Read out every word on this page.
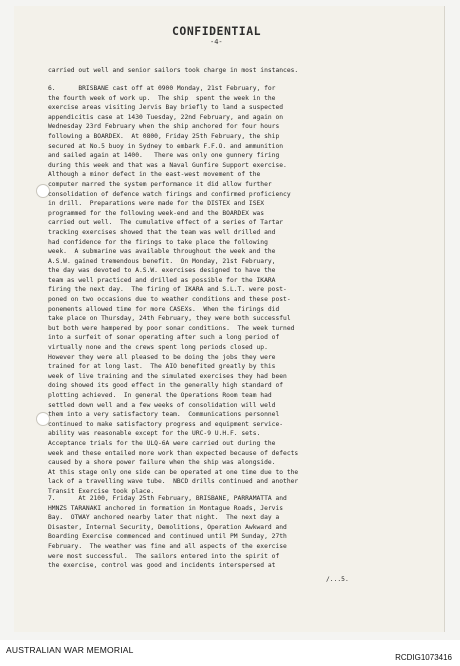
CONFIDENTIAL
-4-
carried out well and senior sailors took charge in most instances.
6.      BRISBANE cast off at 0900 Monday, 21st February, for
the fourth week of work up.  The ship  spent the week in the
exercise areas visiting Jervis Bay briefly to land a suspected
appendicitis case at 1430 Tuesday, 22nd February, and again on
Wednesday 23rd February when the ship anchored for four hours
following a BOARDEX.  At 0800, Friday 25th February, the ship
secured at No.5 buoy in Sydney to embark F.F.O. and ammunition
and sailed again at 1400.   There was only one gunnery firing
during this week and that was a Naval Gunfire Support exercise.
Although a minor defect in the east-west movement of the
computer marred the system performance it did allow further
consolidation of defence watch firings and confirmed proficiency
in drill.  Preparations were made for the DISTEX and ISEX
programmed for the following week-end and the BOARDEX was
carried out well.  The cumulative effect of a series of Tartar
tracking exercises showed that the team was well drilled and
had confidence for the firings to take place the following
week.  A submarine was available throughout the week and the
A.S.W. gained tremendous benefit.  On Monday, 21st February,
the day was devoted to A.S.W. exercises designed to have the
team as well practiced and drilled as possible for the IKARA
firing the next day.  The firing of IKARA and S.L.T. were post-
poned on two occasions due to weather conditions and these post-
ponements allowed time for more CASEXs.  When the firings did
take place on Thursday, 24th February, they were both successful
but both were hampered by poor sonar conditions.  The week turned
into a surfeit of sonar operating after such a long period of
virtually none and the crews spent long periods closed up.
However they were all pleased to be doing the jobs they were
trained for at long last.  The AIO benefited greatly by this
week of live training and the simulated exercises they had been
doing showed its good effect in the generally high standard of
plotting achieved.  In general the Operations Room team had
settled down well and a few weeks of consolidation will weld
them into a very satisfactory team.  Communications personnel
continued to make satisfactory progress and equipment service-
ability was reasonable except for the URC-9 U.H.F. sets.
Acceptance trials for the ULQ-6A were carried out during the
week and these entailed more work than expected because of defects
caused by a shore power failure when the ship was alongside.
At this stage only one side can be operated at one time due to the
lack of a travelling wave tube.  NBCD drills continued and another
Transit Exercise took place.
7.      At 2100, Friday 25th February, BRISBANE, PARRAMATTA and
HMNZS TARANAKI anchored in formation in Montague Roads, Jervis
Bay.  OTWAY anchored nearby later that night.  The next day a
Disaster, Internal Security, Demolitions, Operation Awkward and
Boarding Exercise commenced and continued until PM Sunday, 27th
February.  The weather was fine and all aspects of the exercise
were most successful.  The sailors entered into the spirit of
the exercise, control was good and incidents interspersed at
/...5.
AUSTRALIAN WAR MEMORIAL
RCDIG1073416
